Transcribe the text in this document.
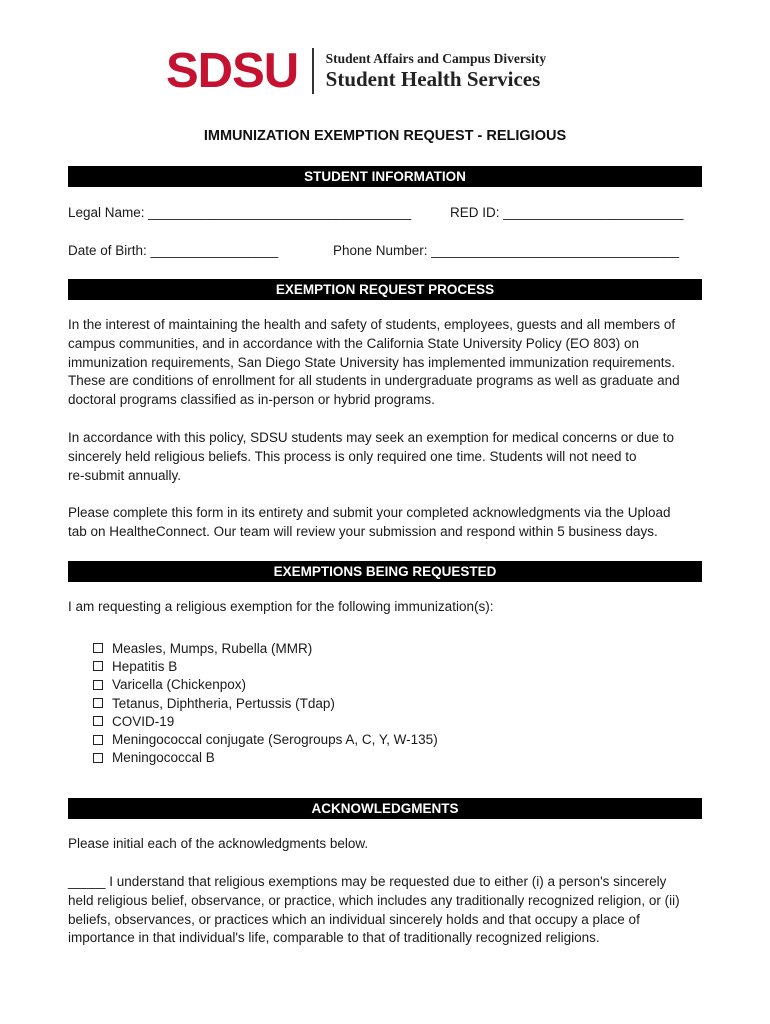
SDSU Student Affairs and Campus Diversity
Student Health Services
IMMUNIZATION EXEMPTION REQUEST - RELIGIOUS
STUDENT INFORMATION
Legal Name: ___________________________________	RED ID: ________________________
Date of Birth: _________________	Phone Number: _________________________________
EXEMPTION REQUEST PROCESS
In the interest of maintaining the health and safety of students, employees, guests and all members of
campus communities, and in accordance with the California State University Policy (EO 803) on
immunization requirements, San Diego State University has implemented immunization requirements.
These are conditions of enrollment for all students in undergraduate programs as well as graduate and
doctoral programs classified as in-person or hybrid programs.
In accordance with this policy, SDSU students may seek an exemption for medical concerns or due to
sincerely held religious beliefs. This process is only required one time. Students will not need to
re-submit annually.
Please complete this form in its entirety and submit your completed acknowledgments via the Upload
tab on HealtheConnect. Our team will review your submission and respond within 5 business days.
EXEMPTIONS BEING REQUESTED
I am requesting a religious exemption for the following immunization(s):
Measles, Mumps, Rubella (MMR)
Hepatitis B
Varicella (Chickenpox)
Tetanus, Diphtheria, Pertussis (Tdap)
COVID-19
Meningococcal conjugate (Serogroups A, C, Y, W-135)
Meningococcal B
ACKNOWLEDGMENTS
Please initial each of the acknowledgments below.
_____ I understand that religious exemptions may be requested due to either (i) a person's sincerely
held religious belief, observance, or practice, which includes any traditionally recognized religion, or (ii)
beliefs, observances, or practices which an individual sincerely holds and that occupy a place of
importance in that individual's life, comparable to that of traditionally recognized religions.
